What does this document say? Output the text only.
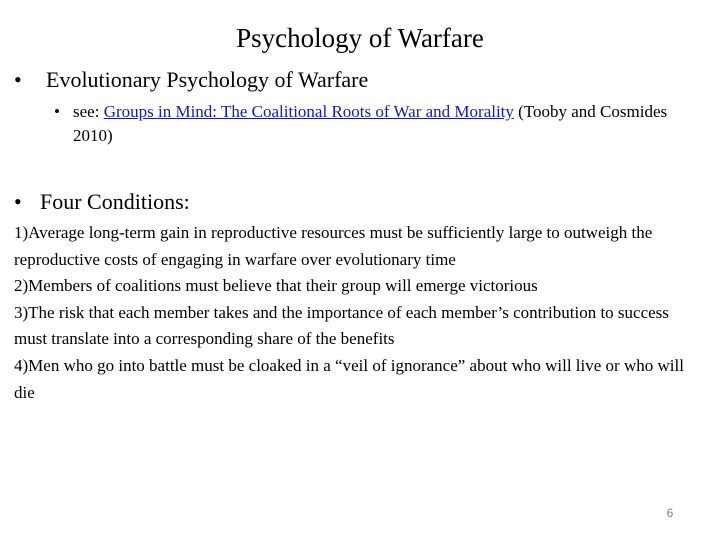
Psychology of Warfare
• Evolutionary Psychology of Warfare
• see: Groups in Mind: The Coalitional Roots of War and Morality (Tooby and Cosmides 2010)
• Four Conditions:
1)Average long-term gain in reproductive resources must be sufficiently large to outweigh the reproductive costs of engaging in warfare over evolutionary time
2)Members of coalitions must believe that their group will emerge victorious
3)The risk that each member takes and the importance of each member’s contribution to success must translate into a corresponding share of the benefits
4)Men who go into battle must be cloaked in a “veil of ignorance” about who will live or who will die
6
